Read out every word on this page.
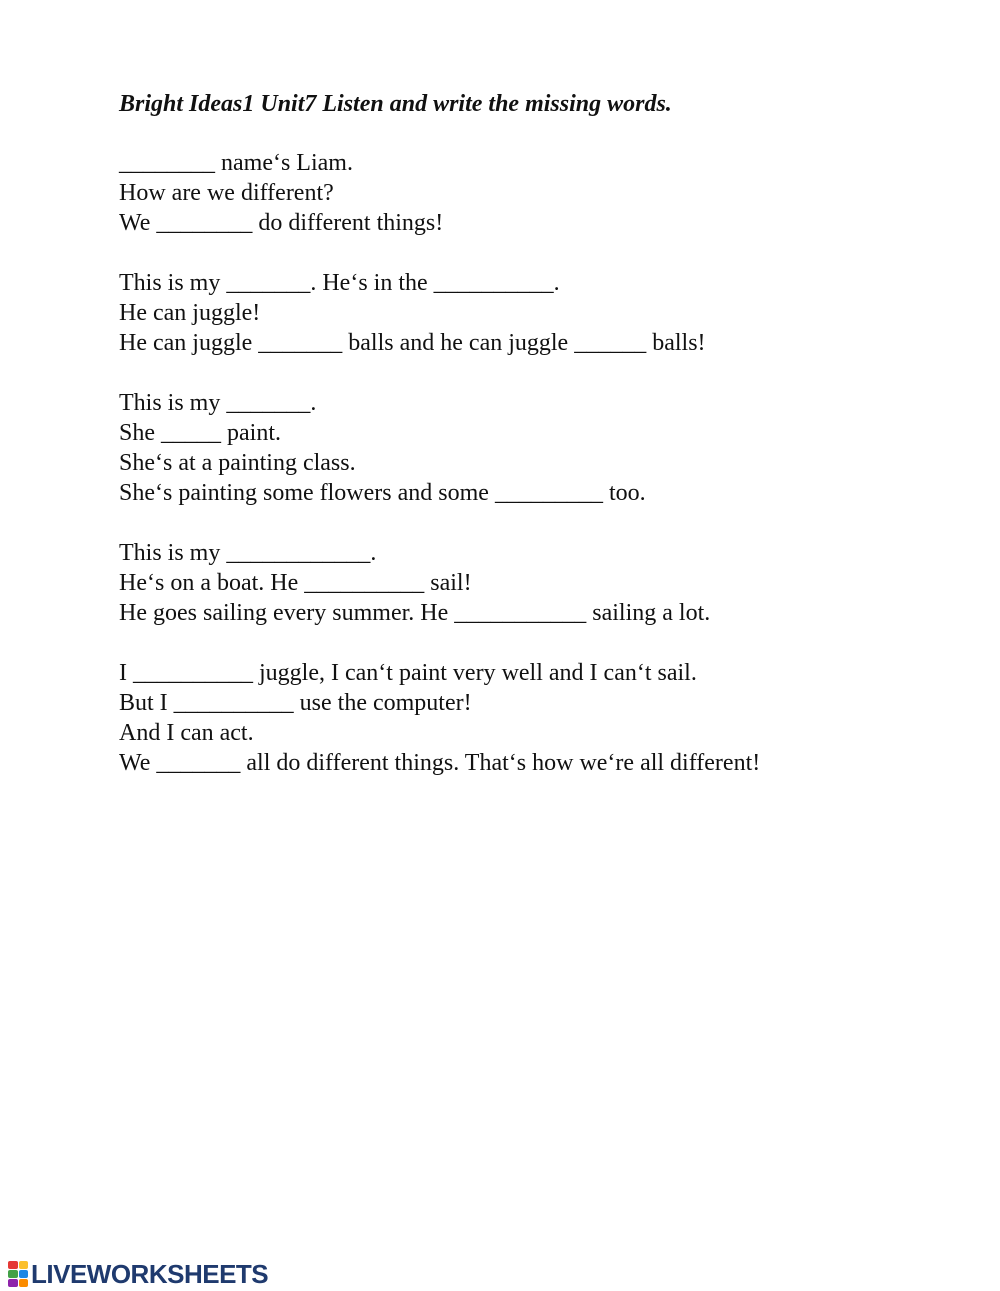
Bright Ideas1 Unit7 Listen and write the missing words.
________ name‘s Liam.
How are we different?
We ________ do different things!
This is my _______. He‘s in the __________.
He can juggle!
He can juggle _______ balls and he can juggle ______ balls!
This is my _______.
She _____ paint.
She‘s at a painting class.
She‘s painting some flowers and some _________ too.
This is my ____________.
He‘s on a boat. He __________ sail!
He goes sailing every summer. He ___________ sailing a lot.
I __________ juggle, I can‘t paint very well and I can‘t sail.
But I __________ use the computer!
And I can act.
We _______ all do different things. That‘s how we‘re all different!
LIVEWORKSHEETS
